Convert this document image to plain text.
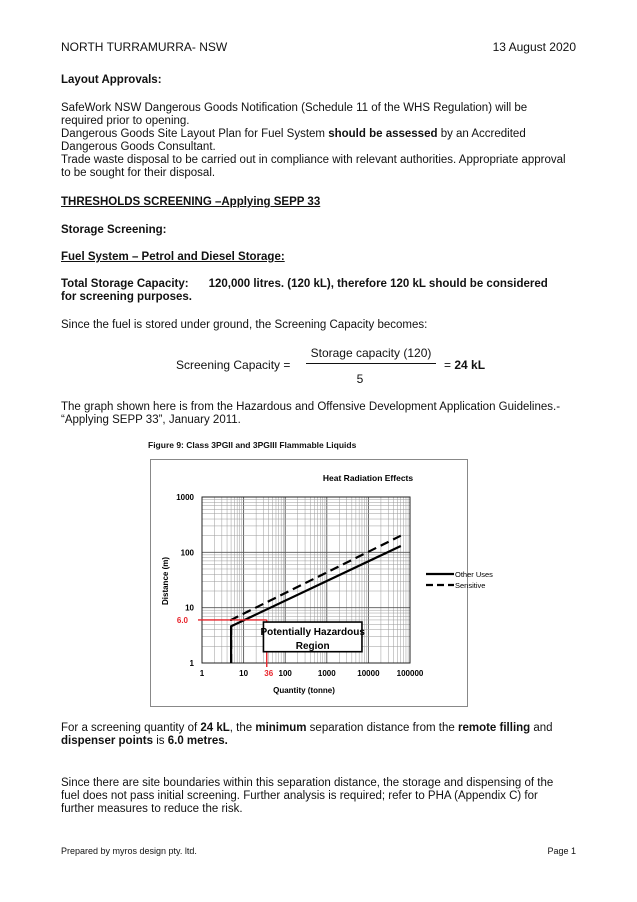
NORTH TURRAMURRA- NSW	13 August 2020
Layout Approvals:
SafeWork NSW Dangerous Goods Notification (Schedule 11 of the WHS Regulation) will be
required prior to opening.
Dangerous Goods Site Layout Plan for Fuel System should be assessed by an Accredited
Dangerous Goods Consultant.
Trade waste disposal to be carried out in compliance with relevant authorities. Appropriate approval
to be sought for their disposal.
THRESHOLDS SCREENING –Applying SEPP 33
Storage Screening:
Fuel System – Petrol and Diesel Storage:
Total Storage Capacity: 120,000 litres. (120 kL), therefore 120 kL should be considered
for screening purposes.
Since the fuel is stored under ground, the Screening Capacity becomes:
Screening Capacity =
Storage capacity (120)
5
= 24 kL
The graph shown here is from the Hazardous and Offensive Development Application Guidelines.-
“Applying SEPP 33”, January 2011.
Figure 9: Class 3PGII and 3PGIII Flammable Liquids
Heat Radiation Effects
6.0
36
1	10	100	1000	10000 100000
1
10
100
1000
Potentially Hazardous
Region
Other Uses
Sensitive
Quantity (tonne)
Distance (m)
For a screening quantity of 24 kL, the minimum separation distance from the remote filling and
dispenser points is 6.0 metres.
Since there are site boundaries within this separation distance, the storage and dispensing of the
fuel does not pass initial screening. Further analysis is required; refer to PHA (Appendix C) for
further measures to reduce the risk.
Prepared by myros design pty. ltd.	Page 1
